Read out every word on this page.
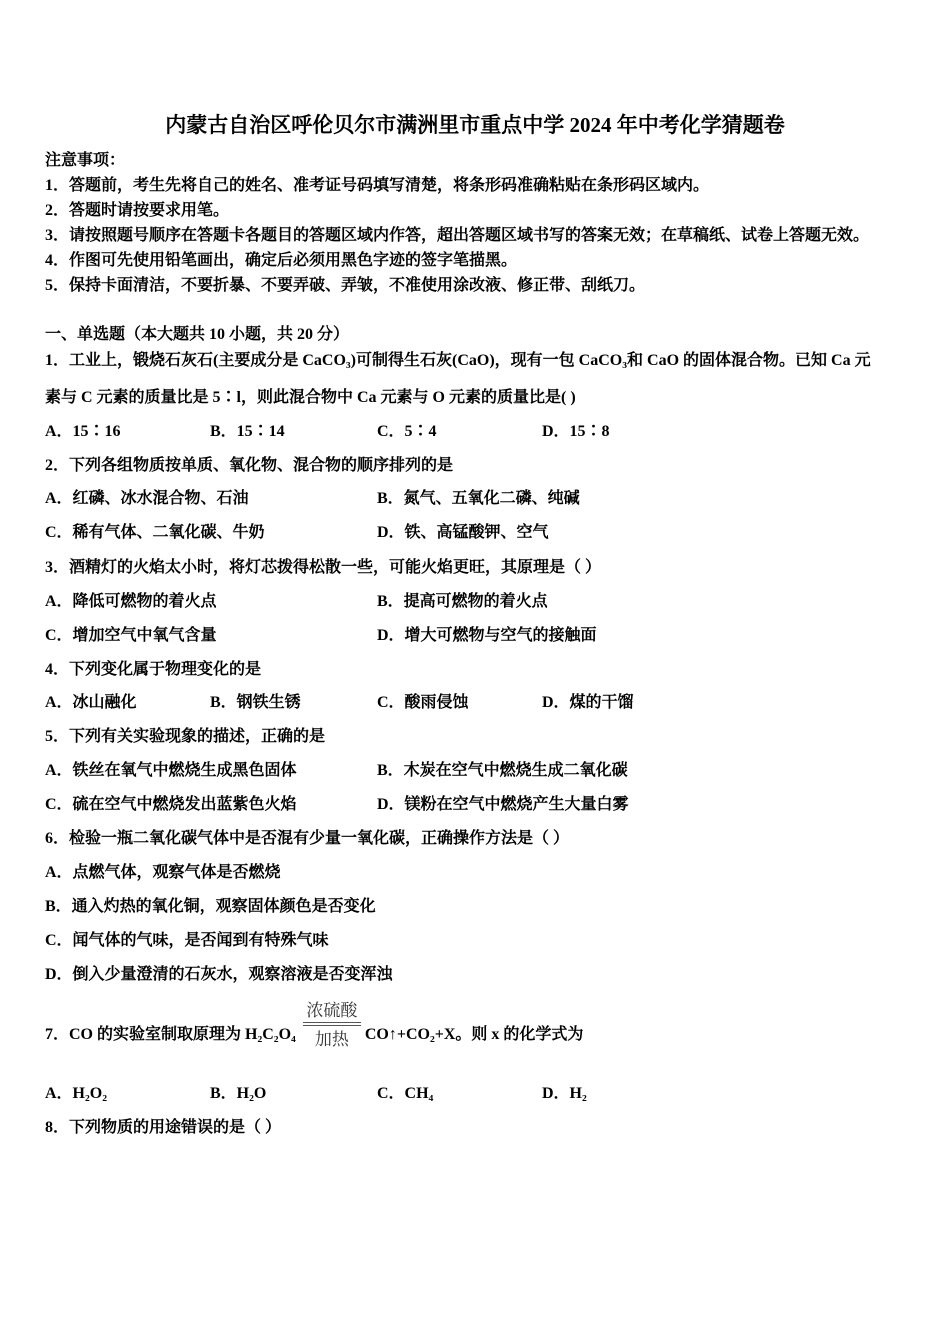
内蒙古自治区呼伦贝尔市满洲里市重点中学 2024 年中考化学猜题卷
注意事项：
1．答题前，考生先将自己的姓名、准考证号码填写清楚，将条形码准确粘贴在条形码区域内。
2．答题时请按要求用笔。
3．请按照题号顺序在答题卡各题目的答题区域内作答，超出答题区域书写的答案无效；在草稿纸、试卷上答题无效。
4．作图可先使用铅笔画出，确定后必须用黑色字迹的签字笔描黑。
5．保持卡面清洁，不要折暴、不要弄破、弄皱，不准使用涂改液、修正带、刮纸刀。
一、单选题（本大题共 10 小题，共 20 分）
1．工业上，锻烧石灰石(主要成分是 CaCO₃)可制得生石灰(CaO)，现有一包 CaCO₃和 CaO 的固体混合物。已知 Ca 元
素与 C 元素的质量比是 5∶l，则此混合物中 Ca 元素与 O 元素的质量比是( )
A．15∶16	B．15∶14	C．5∶4	D．15∶8
2．下列各组物质按单质、氧化物、混合物的顺序排列的是
A．红磷、冰水混合物、石油	B．氮气、五氧化二磷、纯碱
C．稀有气体、二氧化碳、牛奶	D．铁、高锰酸钾、空气
3．酒精灯的火焰太小时，将灯芯拨得松散一些，可能火焰更旺，其原理是（ ）
A．降低可燃物的着火点	B．提高可燃物的着火点
C．增加空气中氧气含量	D．增大可燃物与空气的接触面
4．下列变化属于物理变化的是
A．冰山融化	B．钢铁生锈	C．酸雨侵蚀	D．煤的干馏
5．下列有关实验现象的描述，正确的是
A．铁丝在氧气中燃烧生成黑色固体	B．木炭在空气中燃烧生成二氧化碳
C．硫在空气中燃烧发出蓝紫色火焰	D．镁粉在空气中燃烧产生大量白雾
6．检验一瓶二氧化碳气体中是否混有少量一氧化碳，正确操作方法是（ ）
A．点燃气体，观察气体是否燃烧
B．通入灼热的氧化铜，观察固体颜色是否变化
C．闻气体的气味，是否闻到有特殊气味
D．倒入少量澄清的石灰水，观察溶液是否变浑浊
7．CO 的实验室制取原理为 H₂C₂O₄
浓硫酸
加热 CO↑+CO₂+X。则 x 的化学式为
A．H₂O₂	B．H₂O	C．CH₄	D．H₂
8．下列物质的用途错误的是（ ）
